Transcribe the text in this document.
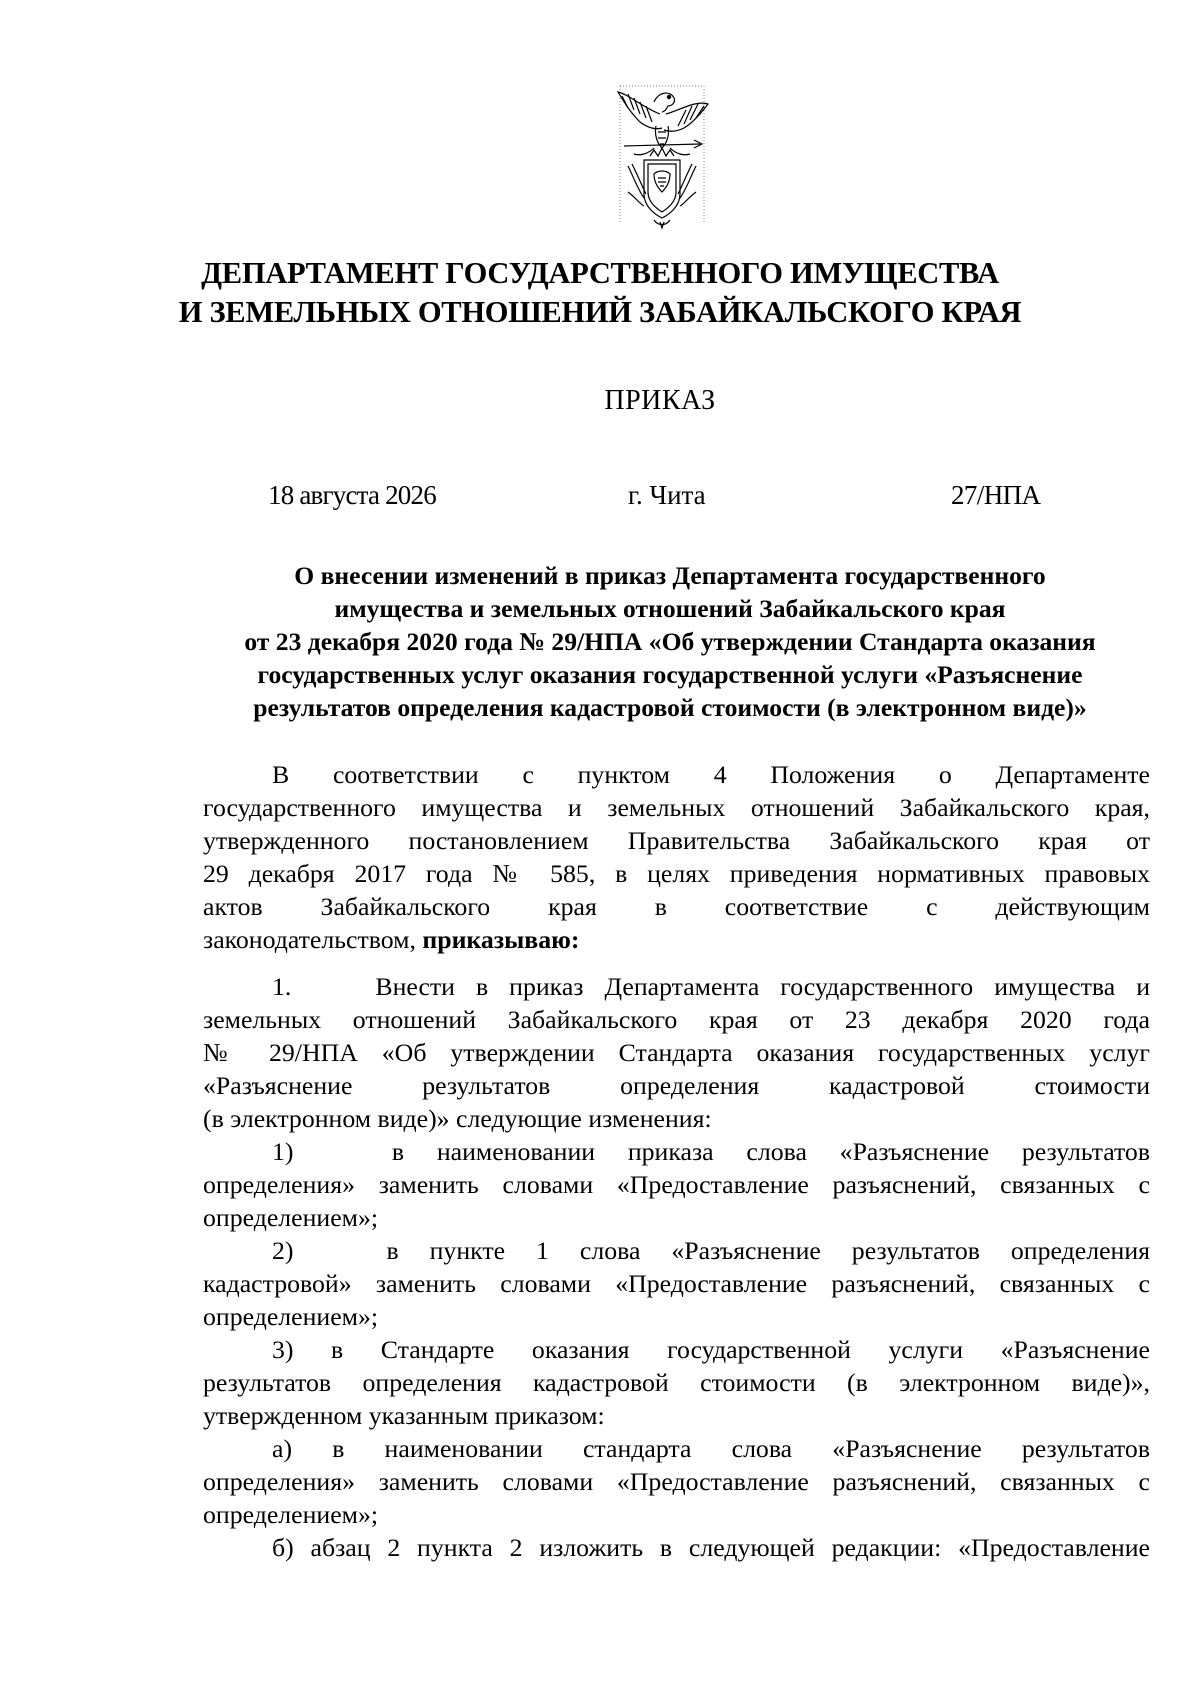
ДЕПАРТАМЕНТ ГОСУДАРСТВЕННОГО ИМУЩЕСТВА
И ЗЕМЕЛЬНЫХ ОТНОШЕНИЙ ЗАБАЙКАЛЬСКОГО КРАЯ
ПРИКАЗ
18 августа 2026	г. Чита	27/НПА
О внесении изменений в приказ Департамента государственного
имущества и земельных отношений Забайкальского края
от 23 декабря 2020 года № 29/НПА «Об утверждении Стандарта оказания
государственных услуг оказания государственной услуги «Разъяснение
результатов определения кадастровой стоимости (в электронном виде)»
В соответствии с пунктом 4 Положения о Департаменте
государственного имущества и земельных отношений Забайкальского края,
утвержденного постановлением Правительства Забайкальского края от
29 декабря 2017 года № 585, в целях приведения нормативных правовых
актов Забайкальского края в соответствие с действующим
законодательством, приказываю:
1.    Внести в приказ Департамента государственного имущества и
земельных отношений Забайкальского края от 23 декабря 2020 года
№ 29/НПА «Об утверждении Стандарта оказания государственных услуг
«Разъяснение результатов определения кадастровой стоимости
(в электронном виде)» следующие изменения:
1)   в наименовании приказа слова «Разъяснение результатов
определения» заменить словами «Предоставление разъяснений, связанных с
определением»;
2)   в пункте 1 слова «Разъяснение результатов определения
кадастровой» заменить словами «Предоставление разъяснений, связанных с
определением»;
3) в Стандарте оказания государственной услуги «Разъяснение
результатов определения кадастровой стоимости (в электронном виде)»,
утвержденном указанным приказом:
а) в наименовании стандарта слова «Разъяснение результатов
определения» заменить словами «Предоставление разъяснений, связанных с
определением»;
б) абзац 2 пункта 2 изложить в следующей редакции: «Предоставление
